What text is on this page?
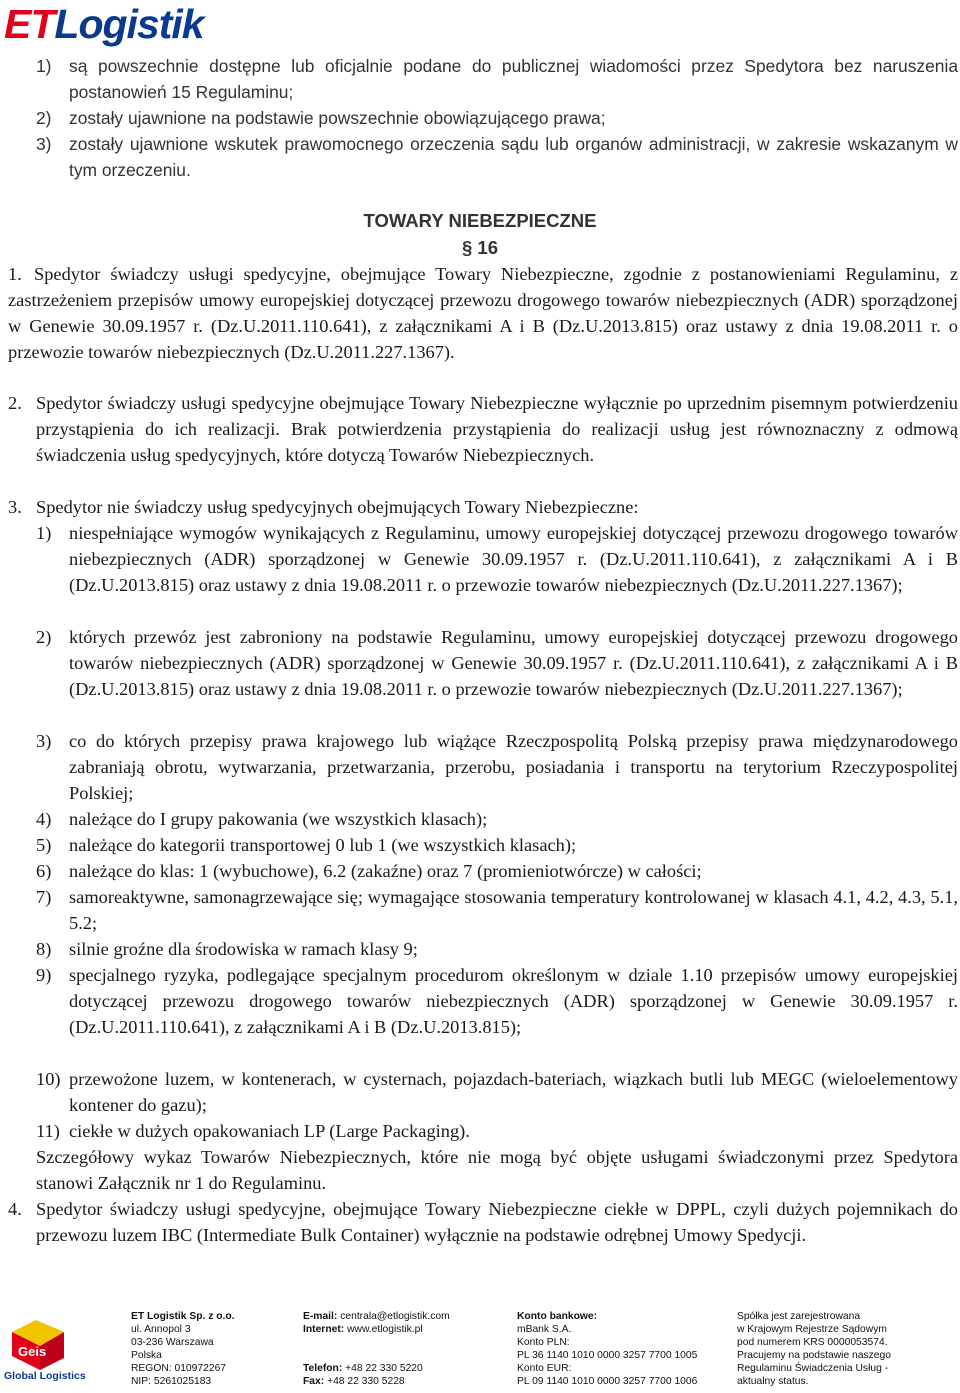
ETLogistik
1) są powszechnie dostępne lub oficjalnie podane do publicznej wiadomości przez Spedytora bez naruszenia postanowień 15 Regulaminu;
2) zostały ujawnione na podstawie powszechnie obowiązującego prawa;
3) zostały ujawnione wskutek prawomocnego orzeczenia sądu lub organów administracji, w zakresie wskazanym w tym orzeczeniu.
TOWARY NIEBEZPIECZNE
§ 16
1. Spedytor świadczy usługi spedycyjne, obejmujące Towary Niebezpieczne, zgodnie z postanowieniami Regulaminu, z zastrzeżeniem przepisów umowy europejskiej dotyczącej przewozu drogowego towarów niebezpiecznych (ADR) sporządzonej w Genewie 30.09.1957 r. (Dz.U.2011.110.641), z załącznikami A i B (Dz.U.2013.815) oraz ustawy z dnia 19.08.2011 r. o przewozie towarów niebezpiecznych (Dz.U.2011.227.1367).
2. Spedytor świadczy usługi spedycyjne obejmujące Towary Niebezpieczne wyłącznie po uprzednim pisemnym potwierdzeniu przystąpienia do ich realizacji. Brak potwierdzenia przystąpienia do realizacji usług jest równoznaczny z odmową świadczenia usług spedycyjnych, które dotyczą Towarów Niebezpiecznych.
3. Spedytor nie świadczy usług spedycyjnych obejmujących Towary Niebezpieczne:
1) niespełniające wymogów wynikających z Regulaminu, umowy europejskiej dotyczącej przewozu drogowego towarów niebezpiecznych (ADR) sporządzonej w Genewie 30.09.1957 r. (Dz.U.2011.110.641), z załącznikami A i B (Dz.U.2013.815) oraz ustawy z dnia 19.08.2011 r. o przewozie towarów niebezpiecznych (Dz.U.2011.227.1367);
2) których przewóz jest zabroniony na podstawie Regulaminu, umowy europejskiej dotyczącej przewozu drogowego towarów niebezpiecznych (ADR) sporządzonej w Genewie 30.09.1957 r. (Dz.U.2011.110.641), z załącznikami A i B (Dz.U.2013.815) oraz ustawy z dnia 19.08.2011 r. o przewozie towarów niebezpiecznych (Dz.U.2011.227.1367);
3) co do których przepisy prawa krajowego lub wiążące Rzeczpospolitą Polską przepisy prawa międzynarodowego zabraniają obrotu, wytwarzania, przetwarzania, przerobu, posiadania i transportu na terytorium Rzeczypospolitej Polskiej;
4) należące do I grupy pakowania (we wszystkich klasach);
5) należące do kategorii transportowej 0 lub 1 (we wszystkich klasach);
6) należące do klas: 1 (wybuchowe), 6.2 (zakaźne) oraz 7 (promieniotwórcze) w całości;
7) samoreaktywne, samonagrzewające się; wymagające stosowania temperatury kontrolowanej w klasach 4.1, 4.2, 4.3, 5.1, 5.2;
8) silnie groźne dla środowiska w ramach klasy 9;
9) specjalnego ryzyka, podlegające specjalnym procedurom określonym w dziale 1.10 przepisów umowy europejskiej dotyczącej przewozu drogowego towarów niebezpiecznych (ADR) sporządzonej w Genewie 30.09.1957 r. (Dz.U.2011.110.641), z załącznikami A i B (Dz.U.2013.815);
10) przewożone luzem, w kontenerach, w cysternach, pojazdach-bateriach, wiązkach butli lub MEGC (wieloelementowy kontener do gazu);
11) ciekłe w dużych opakowaniach LP (Large Packaging).
Szczegółowy wykaz Towarów Niebezpiecznych, które nie mogą być objęte usługami świadczonymi przez Spedytora stanowi Załącznik nr 1 do Regulaminu.
4. Spedytor świadczy usługi spedycyjne, obejmujące Towary Niebezpieczne ciekłe w DPPL, czyli dużych pojemnikach do przewozu luzem IBC (Intermediate Bulk Container) wyłącznie na podstawie odrębnej Umowy Spedycji.
Geis
Global Logistics
ET Logistik Sp. z o.o.
ul. Annopol 3
03-236 Warszawa
Polska
REGON: 010972267
NIP: 5261025183
E-mail: centrala@etlogistik.com
Internet: www.etlogistik.pl

Telefon: +48 22 330 5220
Fax: +48 22 330 5228
Konto bankowe:
mBank S.A.
Konto PLN:
PL 36 1140 1010 0000 3257 7700 1005
Konto EUR:
PL 09 1140 1010 0000 3257 7700 1006
Spółka jest zarejestrowana
w Krajowym Rejestrze Sądowym
pod numerem KRS 0000053574.
Pracujemy na podstawie naszego
Regulaminu Świadczenia Usług -
aktualny status.
